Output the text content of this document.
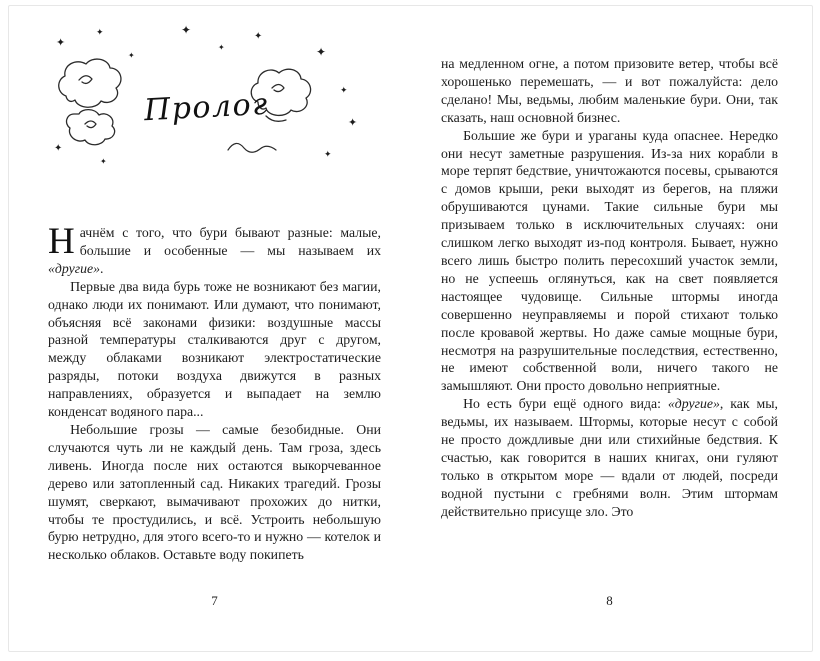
Пролог
✦
✦
✦
✦
✦
✦
✦
✦
✦
✦
✦
✦

Начнём с того, что бури бывают разные: малые, большие и особенные — мы называем их «другие».

Первые два вида бурь тоже не возникают без магии, однако люди их понимают. Или думают, что понимают, объясняя всё законами физики: воздушные массы разной температуры сталкиваются друг с другом, между облаками возникают электростатические разряды, потоки воздуха движутся в разных направлениях, образуется и выпадает на землю конденсат водяного пара...

Небольшие грозы — самые безобидные. Они случаются чуть ли не каждый день. Там гроза, здесь ливень. Иногда после них остаются выкорчеванное дерево или затопленный сад. Никаких трагедий. Грозы шумят, сверкают, вымачивают прохожих до нитки, чтобы те простудились, и всё. Устроить небольшую бурю нетрудно, для этого всего-то и нужно — котелок и несколько облаков. Оставьте воду покипеть

7

на медленном огне, а потом призовите ветер, чтобы всё хорошенько перемешать, — и вот пожалуйста: дело сделано! Мы, ведьмы, любим маленькие бури. Они, так сказать, наш основной бизнес.

Большие же бури и ураганы куда опаснее. Нередко они несут заметные разрушения. Из-за них корабли в море терпят бедствие, уничтожаются посевы, срываются с домов крыши, реки выходят из берегов, на пляжи обрушиваются цунами. Такие сильные бури мы призываем только в исключительных случаях: они слишком легко выходят из-под контроля. Бывает, нужно всего лишь быстро полить пересохший участок земли, но не успеешь оглянуться, как на свет появляется настоящее чудовище. Сильные штормы иногда совершенно неуправляемы и порой стихают только после кровавой жертвы. Но даже самые мощные бури, несмотря на разрушительные последствия, естественно, не имеют собственной воли, ничего такого не замышляют. Они просто довольно неприятные.

Но есть бури ещё одного вида: «другие», как мы, ведьмы, их называем. Штормы, которые несут с собой не просто дождливые дни или стихийные бедствия. К счастью, как говорится в наших книгах, они гуляют только в открытом море — вдали от людей, посреди водной пустыни с гребнями волн. Этим штормам действительно присуще зло. Это

8
